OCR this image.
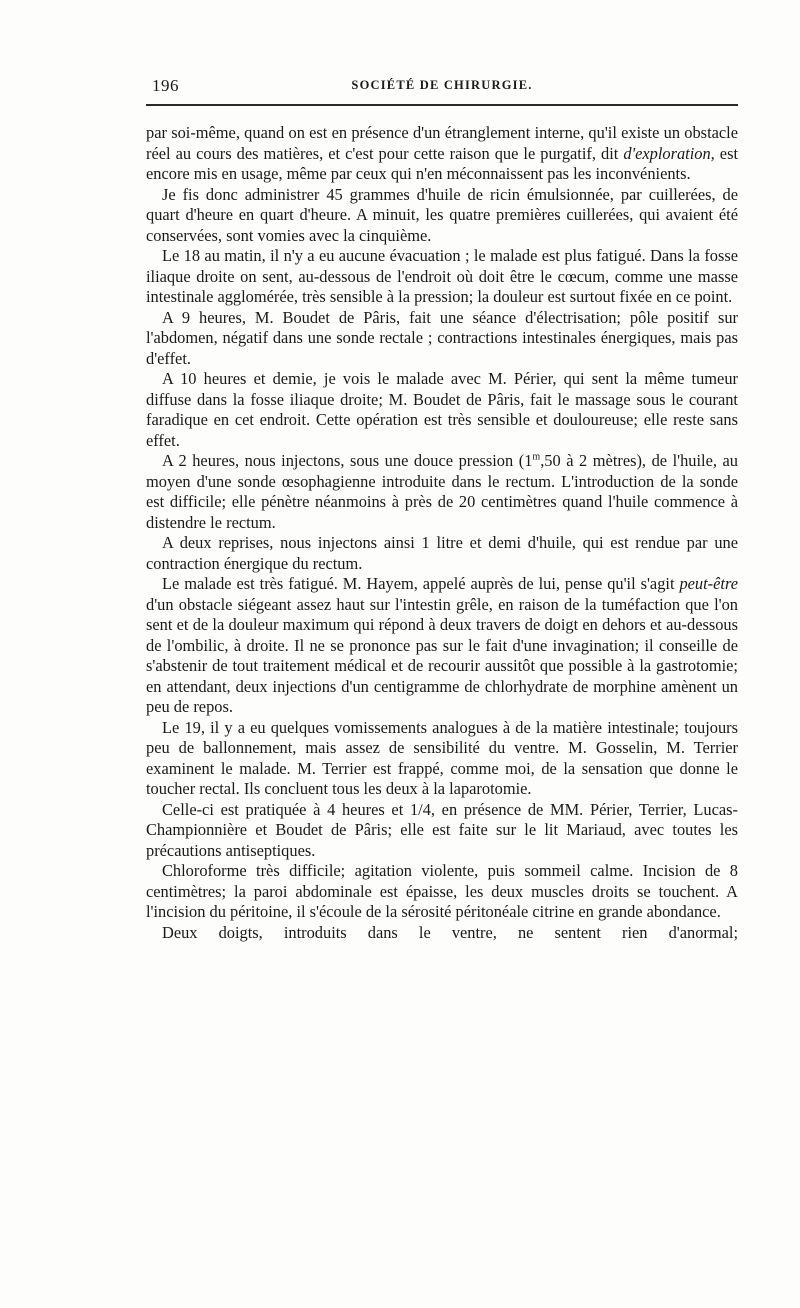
196	SOCIÉTÉ DE CHIRURGIE.

par soi-même, quand on est en présence d'un étranglement interne, qu'il existe un obstacle réel au cours des matières, et c'est pour cette raison que le purgatif, dit d'exploration, est encore mis en usage, même par ceux qui n'en méconnaissent pas les inconvénients.

Je fis donc administrer 45 grammes d'huile de ricin émulsionnée, par cuillerées, de quart d'heure en quart d'heure. A minuit, les quatre premières cuillerées, qui avaient été conservées, sont vomies avec la cinquième.

Le 18 au matin, il n'y a eu aucune évacuation ; le malade est plus fatigué. Dans la fosse iliaque droite on sent, au-dessous de l'endroit où doit être le cœcum, comme une masse intestinale agglomérée, très sensible à la pression; la douleur est surtout fixée en ce point.

A 9 heures, M. Boudet de Pâris, fait une séance d'électrisation; pôle positif sur l'abdomen, négatif dans une sonde rectale ; contractions intestinales énergiques, mais pas d'effet.

A 10 heures et demie, je vois le malade avec M. Périer, qui sent la même tumeur diffuse dans la fosse iliaque droite; M. Boudet de Pâris, fait le massage sous le courant faradique en cet endroit. Cette opération est très sensible et douloureuse; elle reste sans effet.

A 2 heures, nous injectons, sous une douce pression (1$^m$,50 à 2 mètres), de l'huile, au moyen d'une sonde œsophagienne introduite dans le rectum. L'introduction de la sonde est difficile; elle pénètre néanmoins à près de 20 centimètres quand l'huile commence à distendre le rectum.

A deux reprises, nous injectons ainsi 1 litre et demi d'huile, qui est rendue par une contraction énergique du rectum.

Le malade est très fatigué. M. Hayem, appelé auprès de lui, pense qu'il s'agit peut-être d'un obstacle siégeant assez haut sur l'intestin grêle, en raison de la tuméfaction que l'on sent et de la douleur maximum qui répond à deux travers de doigt en dehors et au-dessous de l'ombilic, à droite. Il ne se prononce pas sur le fait d'une invagination; il conseille de s'abstenir de tout traitement médical et de recourir aussitôt que possible à la gastrotomie; en attendant, deux injections d'un centigramme de chlorhydrate de morphine amènent un peu de repos.

Le 19, il y a eu quelques vomissements analogues à de la matière intestinale; toujours peu de ballonnement, mais assez de sensibilité du ventre. M. Gosselin, M. Terrier examinent le malade. M. Terrier est frappé, comme moi, de la sensation que donne le toucher rectal. Ils concluent tous les deux à la laparotomie.

Celle-ci est pratiquée à 4 heures et 1/4, en présence de MM. Périer, Terrier, Lucas-Championnière et Boudet de Pâris; elle est faite sur le lit Mariaud, avec toutes les précautions antiseptiques.

Chloroforme très difficile; agitation violente, puis sommeil calme. Incision de 8 centimètres; la paroi abdominale est épaisse, les deux muscles droits se touchent. A l'incision du péritoine, il s'écoule de la sérosité péritonéale citrine en grande abondance.

Deux doigts, introduits dans le ventre, ne sentent rien d'anormal;
